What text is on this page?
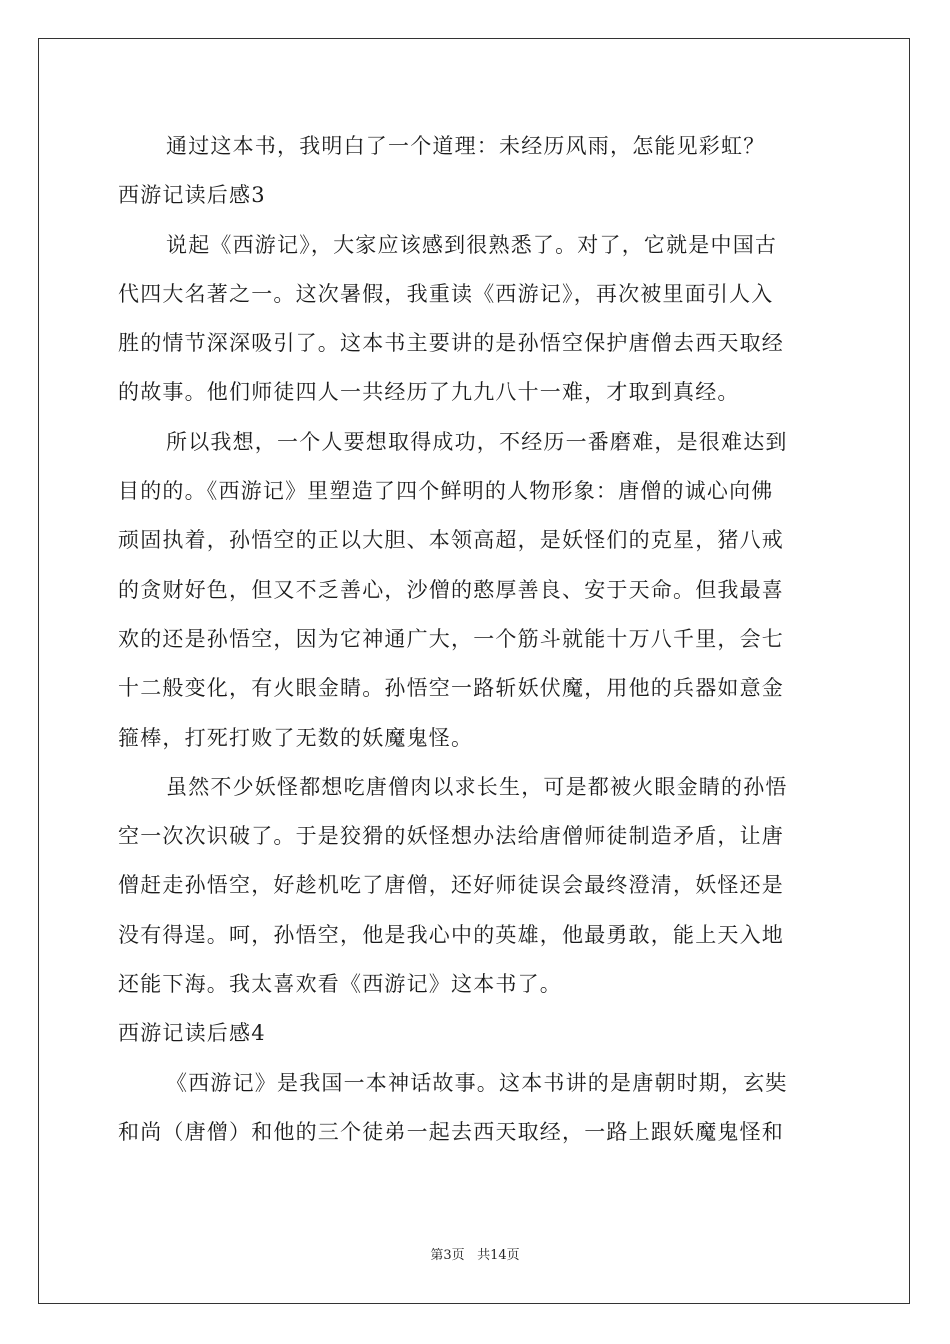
通过这本书，我明白了一个道理：未经历风雨，怎能见彩虹？
西游记读后感3
说起《西游记》，大家应该感到很熟悉了。对了，它就是中国古
代四大名著之一。这次暑假，我重读《西游记》，再次被里面引人入
胜的情节深深吸引了。这本书主要讲的是孙悟空保护唐僧去西天取经
的故事。他们师徒四人一共经历了九九八十一难，才取到真经。
所以我想，一个人要想取得成功，不经历一番磨难，是很难达到
目的的。《西游记》里塑造了四个鲜明的人物形象：唐僧的诚心向佛
顽固执着，孙悟空的正以大胆、本领高超，是妖怪们的克星，猪八戒
的贪财好色，但又不乏善心，沙僧的憨厚善良、安于天命。但我最喜
欢的还是孙悟空，因为它神通广大，一个筋斗就能十万八千里，会七
十二般变化，有火眼金睛。孙悟空一路斩妖伏魔，用他的兵器如意金
箍棒，打死打败了无数的妖魔鬼怪。
虽然不少妖怪都想吃唐僧肉以求长生，可是都被火眼金睛的孙悟
空一次次识破了。于是狡猾的妖怪想办法给唐僧师徒制造矛盾，让唐
僧赶走孙悟空，好趁机吃了唐僧，还好师徒误会最终澄清，妖怪还是
没有得逞。呵，孙悟空，他是我心中的英雄，他最勇敢，能上天入地
还能下海。我太喜欢看《西游记》这本书了。
西游记读后感4
《西游记》是我国一本神话故事。这本书讲的是唐朝时期，玄奘
和尚（唐僧）和他的三个徒弟一起去西天取经，一路上跟妖魔鬼怪和
第3页 共14页
